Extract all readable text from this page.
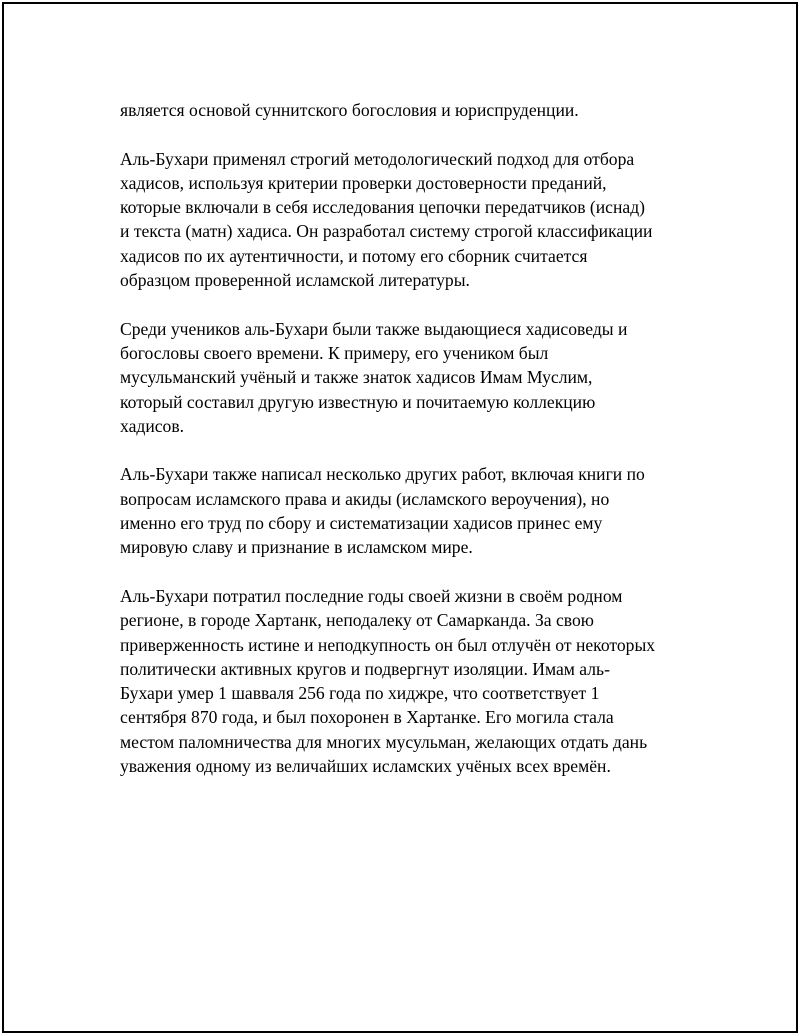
является основой суннитского богословия и юриспруденции.

Аль-Бухари применял строгий методологический подход для отбора
хадисов, используя критерии проверки достоверности преданий,
которые включали в себя исследования цепочки передатчиков (иснад)
и текста (матн) хадиса. Он разработал систему строгой классификации
хадисов по их аутентичности, и потому его сборник считается
образцом проверенной исламской литературы.

Среди учеников аль-Бухари были также выдающиеся хадисоведы и
богословы своего времени. К примеру, его учеником был
мусульманский учёный и также знаток хадисов Имам Муслим,
который составил другую известную и почитаемую коллекцию
хадисов.

Аль-Бухари также написал несколько других работ, включая книги по
вопросам исламского права и акиды (исламского вероучения), но
именно его труд по сбору и систематизации хадисов принес ему
мировую славу и признание в исламском мире.

Аль-Бухари потратил последние годы своей жизни в своём родном
регионе, в городе Хартанк, неподалеку от Самарканда. За свою
приверженность истине и неподкупность он был отлучён от некоторых
политически активных кругов и подвергнут изоляции. Имам аль-
Бухари умер 1 шавваля 256 года по хиджре, что соответствует 1
сентября 870 года, и был похоронен в Хартанке. Его могила стала
местом паломничества для многих мусульман, желающих отдать дань
уважения одному из величайших исламских учёных всех времён.
